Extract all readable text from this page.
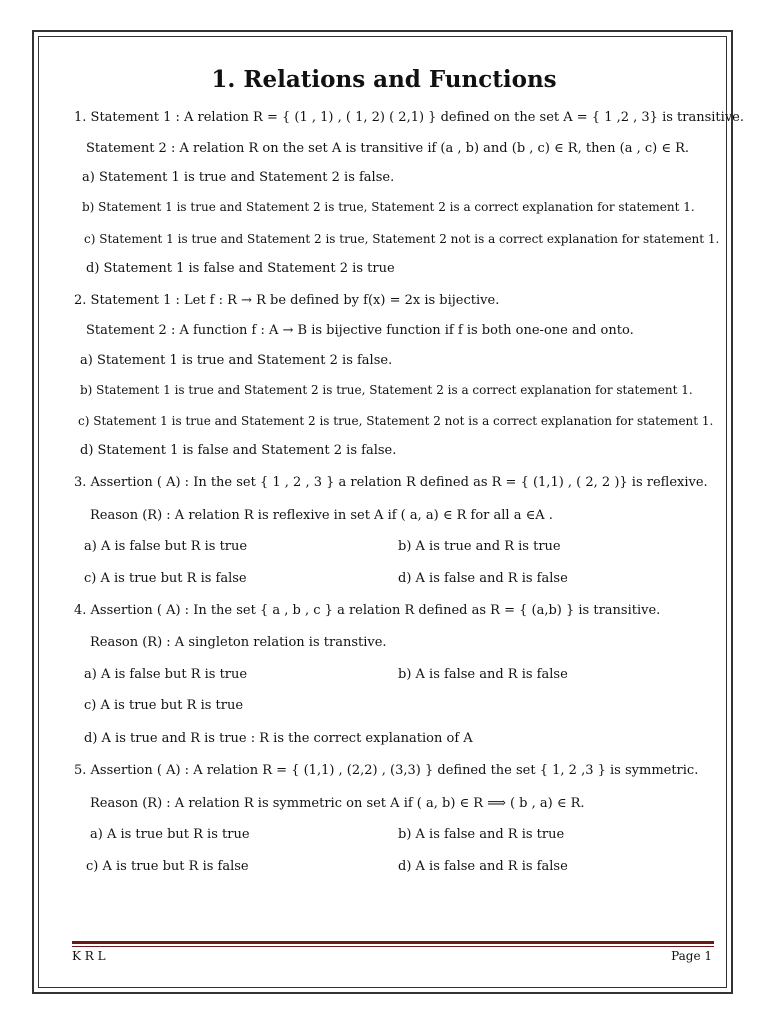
1. Relations and Functions
1. Statement 1 : A relation R = { (1 , 1) , ( 1, 2) ( 2,1) } defined on the set A = { 1 ,2 , 3} is transitive.
Statement 2 : A relation R on the set A is transitive if (a , b) and (b , c) ∈ R, then (a , c) ∈ R.
a) Statement 1 is true and Statement 2 is false.
b) Statement 1 is true and Statement 2 is true, Statement 2 is a correct explanation for statement 1.
c) Statement 1 is true and Statement 2 is true, Statement 2 not is a correct explanation for statement 1.
d) Statement 1 is false and Statement 2 is true
2. Statement 1 : Let f : R → R be defined by f(x) = 2x is bijective.
Statement 2 : A function f : A → B is bijective function if f is both one-one and onto.
a) Statement 1 is true and Statement 2 is false.
b) Statement 1 is true and Statement 2 is true, Statement 2 is a correct explanation for statement 1.
c) Statement 1 is true and Statement 2 is true, Statement 2 not is a correct explanation for statement 1.
d) Statement 1 is false and Statement 2 is false.
3. Assertion ( A) : In the set { 1 , 2 , 3 } a relation R defined as R = { (1,1) , ( 2, 2 )} is reflexive.
Reason (R) : A relation R is reflexive in set A if ( a, a) ∈ R for all a ∈A .
a) A is false but R is true	b) A is true and R is true
c) A is true but R is false	d) A is false and R is false
4. Assertion ( A) : In the set { a , b , c } a relation R defined as R = { (a,b) } is transitive.
Reason (R) : A singleton relation is transtive.
a) A is false but R is true	b) A is false and R is false
c) A is true but R is true
d) A is true and R is true : R is the correct explanation of A
5. Assertion ( A) : A relation R = { (1,1) , (2,2) , (3,3) } defined the set { 1, 2 ,3 } is symmetric.
Reason (R) : A relation R is symmetric on set A if ( a, b) ∈ R ⟹ ( b , a) ∈ R.
a) A is true but R is true	b) A is false and R is true
c) A is true but R is false	d) A is false and R is false
K R L	Page 1
